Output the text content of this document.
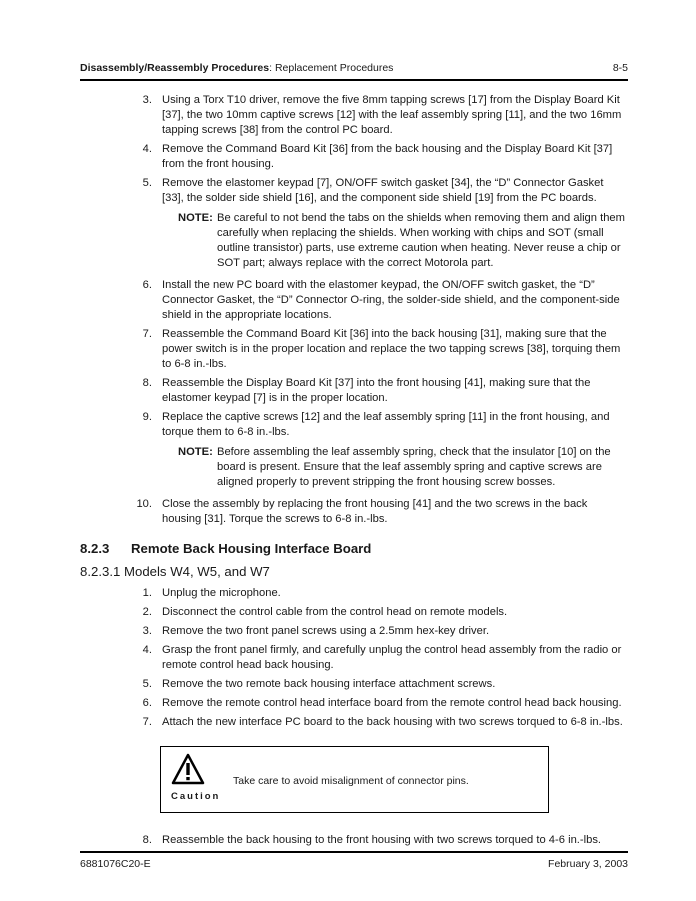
Disassembly/Reassembly Procedures: Replacement Procedures	8-5
3. Using a Torx T10 driver, remove the five 8mm tapping screws [17] from the Display Board Kit [37], the two 10mm captive screws [12] with the leaf assembly spring [11], and the two 16mm tapping screws [38] from the control PC board.
4. Remove the Command Board Kit [36] from the back housing and the Display Board Kit [37] from the front housing.
5. Remove the elastomer keypad [7], ON/OFF switch gasket [34], the “D” Connector Gasket [33], the solder side shield [16], and the component side shield [19] from the PC boards.
NOTE: Be careful to not bend the tabs on the shields when removing them and align them carefully when replacing the shields. When working with chips and SOT (small outline transistor) parts, use extreme caution when heating. Never reuse a chip or SOT part; always replace with the correct Motorola part.
6. Install the new PC board with the elastomer keypad, the ON/OFF switch gasket, the “D” Connector Gasket, the “D” Connector O-ring, the solder-side shield, and the component-side shield in the appropriate locations.
7. Reassemble the Command Board Kit [36] into the back housing [31], making sure that the power switch is in the proper location and replace the two tapping screws [38], torquing them to 6-8 in.-lbs.
8. Reassemble the Display Board Kit [37] into the front housing [41], making sure that the elastomer keypad [7] is in the proper location.
9. Replace the captive screws [12] and the leaf assembly spring [11] in the front housing, and torque them to 6-8 in.-lbs.
NOTE: Before assembling the leaf assembly spring, check that the insulator [10] on the board is present. Ensure that the leaf assembly spring and captive screws are aligned properly to prevent stripping the front housing screw bosses.
10. Close the assembly by replacing the front housing [41] and the two screws in the back housing [31]. Torque the screws to 6-8 in.-lbs.
8.2.3 Remote Back Housing Interface Board
8.2.3.1 Models W4, W5, and W7
1. Unplug the microphone.
2. Disconnect the control cable from the control head on remote models.
3. Remove the two front panel screws using a 2.5mm hex-key driver.
4. Grasp the front panel firmly, and carefully unplug the control head assembly from the radio or remote control head back housing.
5. Remove the two remote back housing interface attachment screws.
6. Remove the remote control head interface board from the remote control head back housing.
7. Attach the new interface PC board to the back housing with two screws torqued to 6-8 in.-lbs.
Caution
Take care to avoid misalignment of connector pins.
8. Reassemble the back housing to the front housing with two screws torqued to 4-6 in.-lbs.
6881076C20-E	February 3, 2003
